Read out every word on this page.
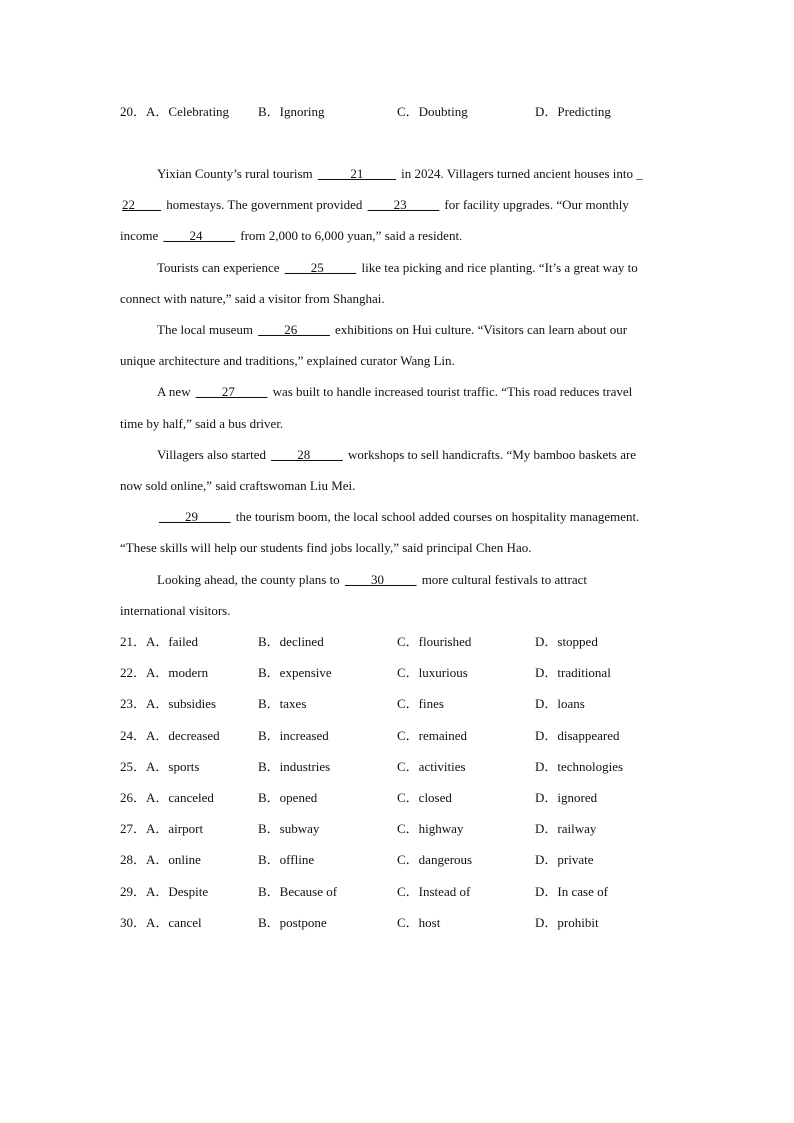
20．A．Celebrating B．Ignoring	C．Doubting	D．Predicting
Yixian County’s rural tourism _____21_____ in 2024. Villagers turned ancient houses into _
22____ homestays. The government provided ____23_____ for facility upgrades. “Our monthly
income ____24_____ from 2,000 to 6,000 yuan,” said a resident.
Tourists can experience ____25_____ like tea picking and rice planting. “It’s a great way to
connect with nature,” said a visitor from Shanghai.
The local museum ____26_____ exhibitions on Hui culture. “Visitors can learn about our
unique architecture and traditions,” explained curator Wang Lin.
A new ____27_____ was built to handle increased tourist traffic. “This road reduces travel
time by half,” said a bus driver.
Villagers also started ____28_____ workshops to sell handicrafts. “My bamboo baskets are
now sold online,” said craftswoman Liu Mei.
____29_____ the tourism boom, the local school added courses on hospitality management.
“These skills will help our students find jobs locally,” said principal Chen Hao.
Looking ahead, the county plans to ____30_____ more cultural festivals to attract
international visitors.
21．A．failed	B．declined	C．flourished	D．stopped
22．A．modern	B．expensive	C．luxurious	D．traditional
23．A．subsidies	B．taxes	C．fines	D．loans
24．A．decreased	B．increased	C．remained	D．disappeared
25．A．sports	B．industries	C．activities	D．technologies
26．A．canceled	B．opened	C．closed	D．ignored
27．A．airport	B．subway	C．highway	D．railway
28．A．online	B．offline	C．dangerous	D．private
29．A．Despite	B．Because of	C．Instead of	D．In case of
30．A．cancel	B．postpone	C．host	D．prohibit
